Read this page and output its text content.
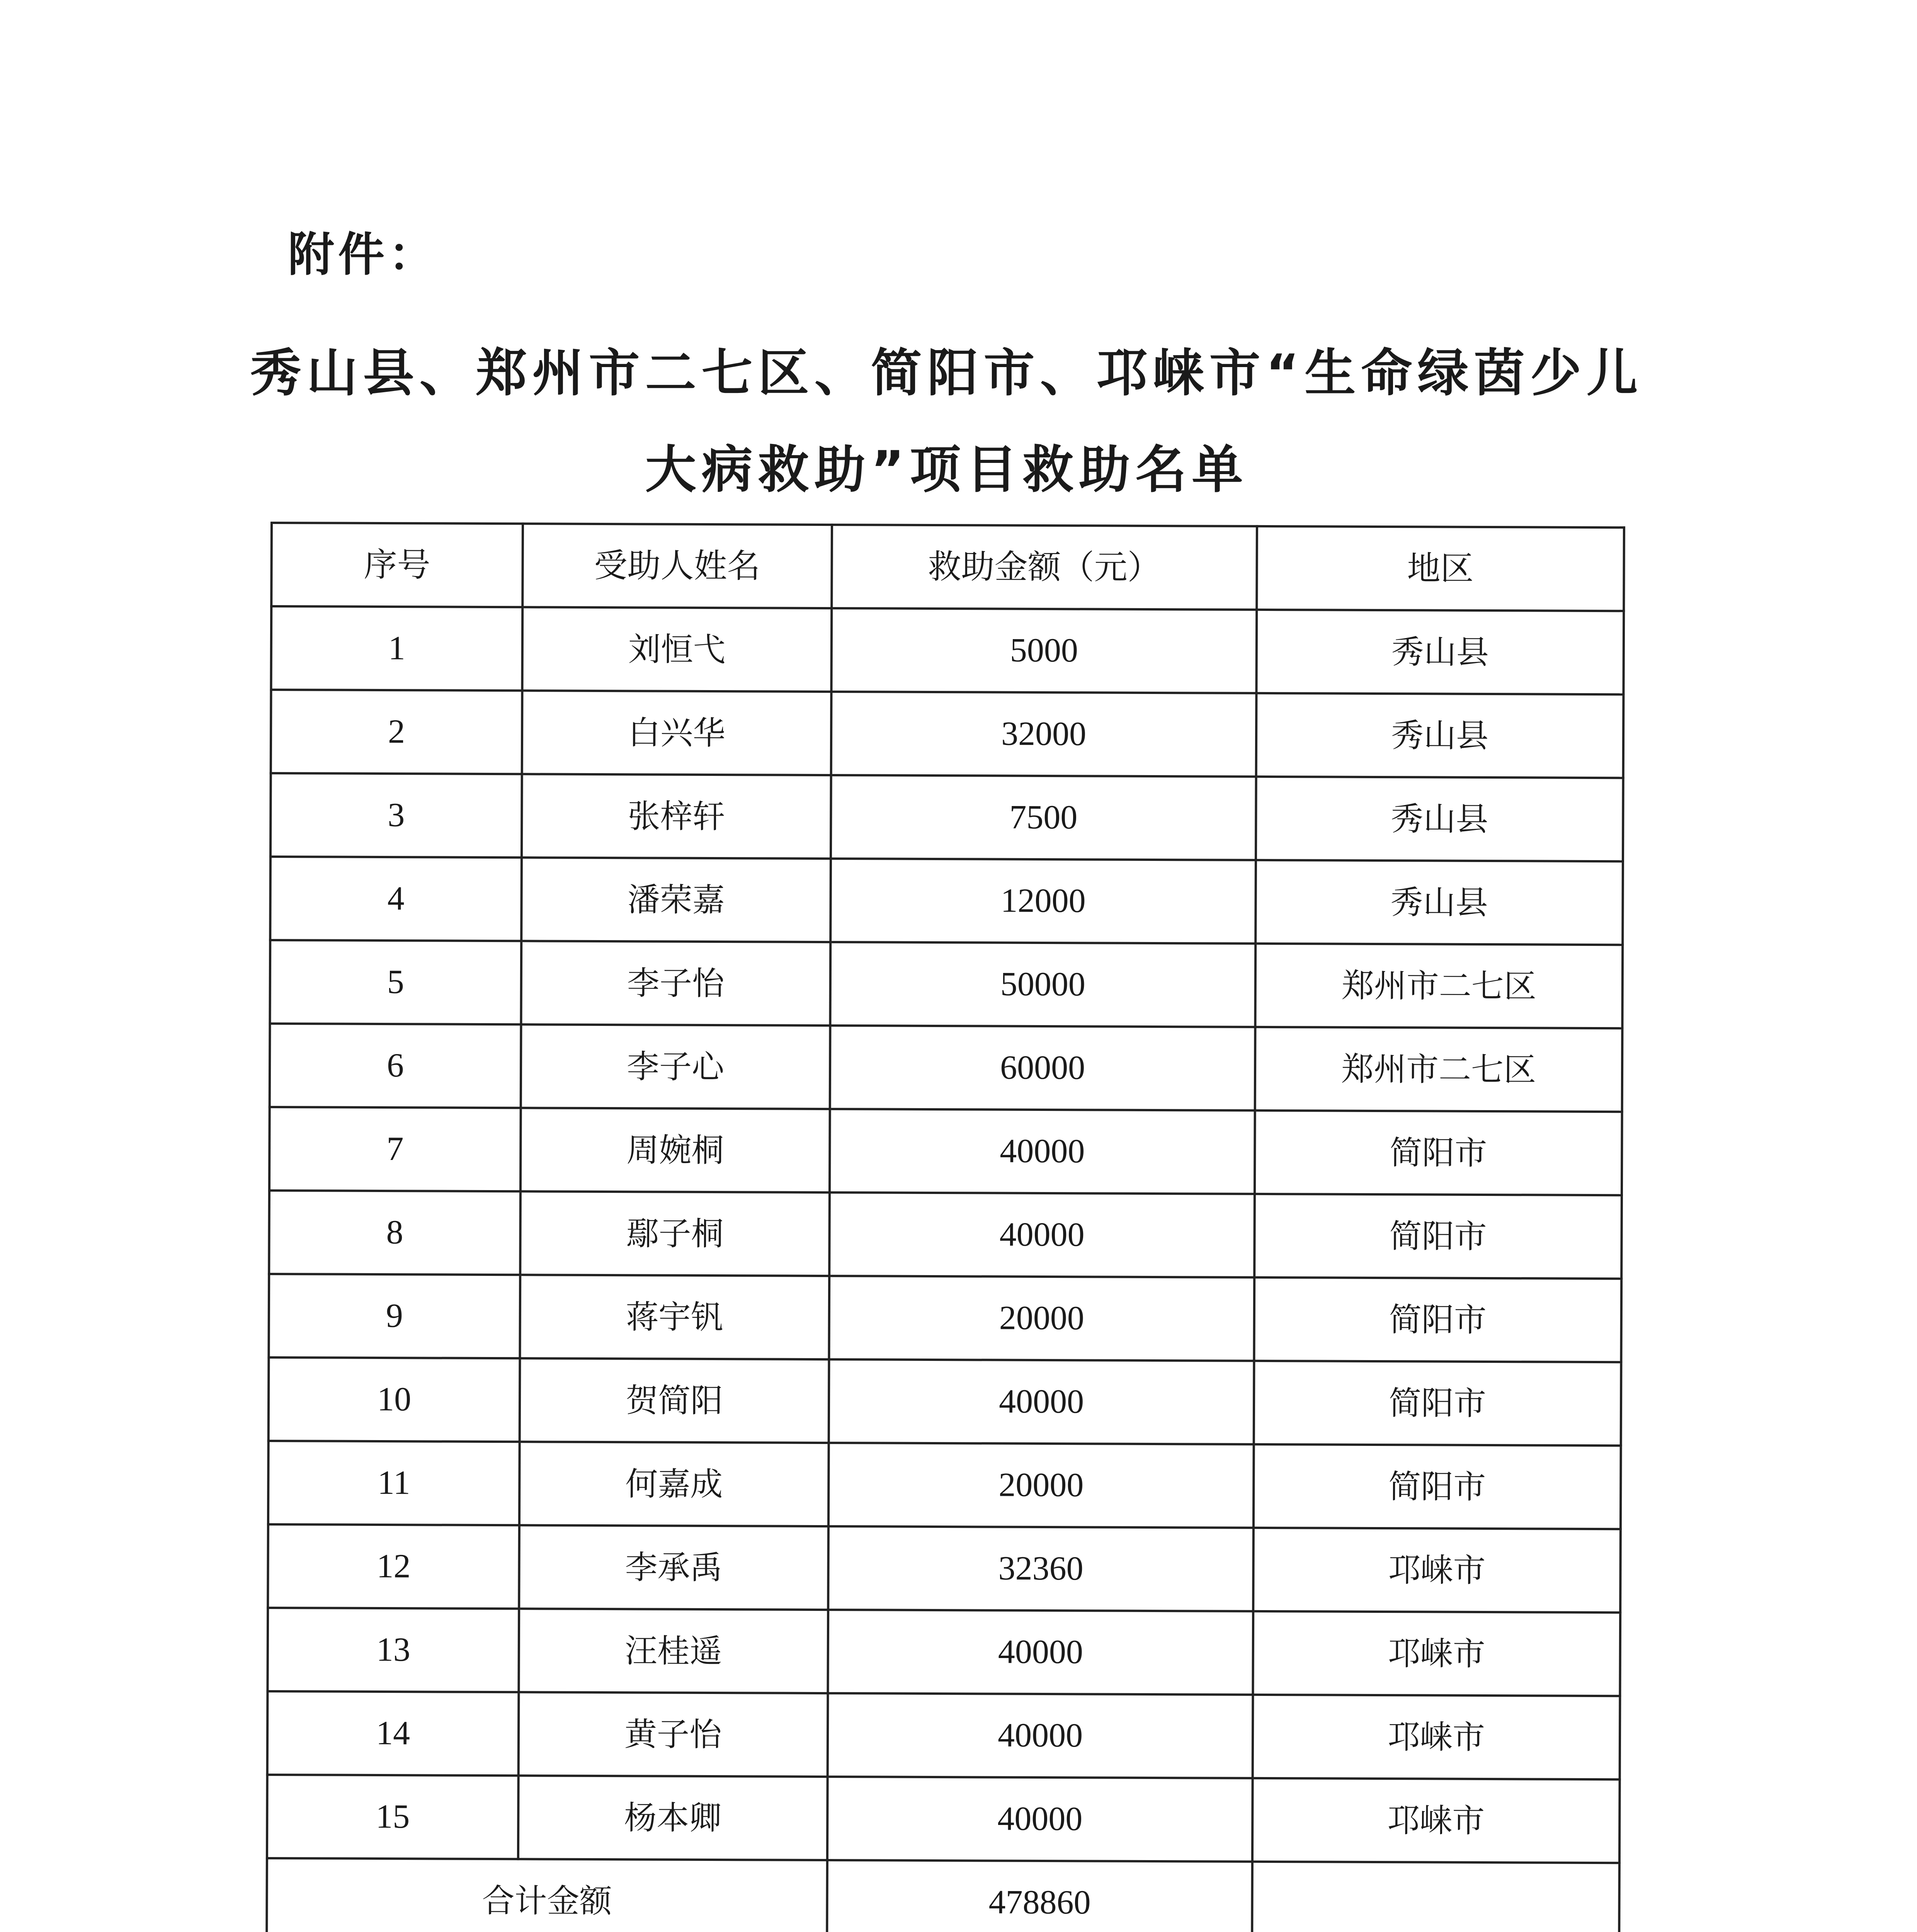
附件：
秀山县、郑州市二七区、简阳市、邛崃市“生命绿茵少儿
大病救助”项目救助名单
序号	受助人姓名	救助金额（元）	地区
1	刘恒弋	5000	秀山县
2	白兴华	32000	秀山县
3	张梓轩	7500	秀山县
4	潘荣嘉	12000	秀山县
5	李子怡	50000	郑州市二七区
6	李子心	60000	郑州市二七区
7	周婉桐	40000	简阳市
8	鄢子桐	40000	简阳市
9	蒋宇钒	20000	简阳市
10	贺简阳	40000	简阳市
11	何嘉成	20000	简阳市
12	李承禹	32360	邛崃市
13	汪桂遥	40000	邛崃市
14	黄子怡	40000	邛崃市
15	杨本卿	40000	邛崃市
合计金额		478860	
